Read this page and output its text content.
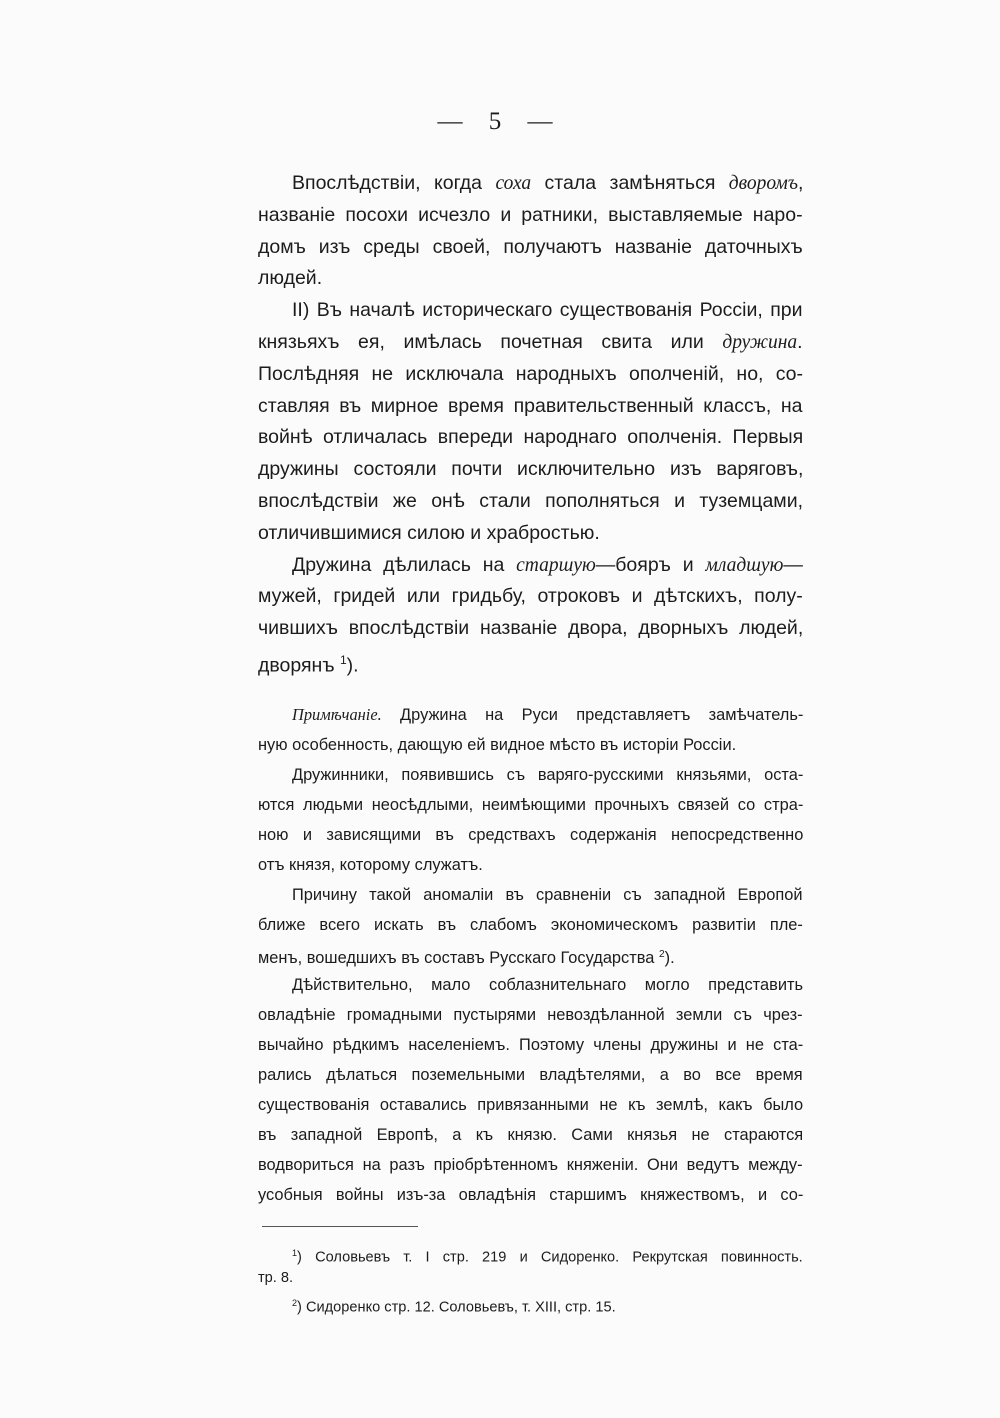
— 5 —
Впослѣдствіи, когда соха стала замѣняться дворомъ,
названіе посохи исчезло и ратники, выставляемые наро-
домъ изъ среды своей, получаютъ названіе даточныхъ
людей.
II) Въ началѣ историческаго существованія Россіи, при
князьяхъ ея, имѣлась почетная свита или дружина.
Послѣдняя не исключала народныхъ ополченій, но, со-
ставляя въ мирное время правительственный классъ, на
войнѣ отличалась впереди народнаго ополченія. Первыя
дружины состояли почти исключительно изъ варяговъ,
впослѣдствіи же онѣ стали пополняться и туземцами,
отличившимися силою и храбростью.
Дружина дѣлилась на старшую—бояръ и младшую—
мужей, гридей или гридьбу, отроковъ и дѣтскихъ, полу-
чившихъ впослѣдствіи названіе двора, дворныхъ людей,
дворянъ $^1$).
Примѣчаніе. Дружина на Руси представляетъ замѣчатель-
ную особенность, дающую ей видное мѣсто въ исторіи Россіи.
Дружинники, появившись съ варяго-русскими князьями, оста-
ются людьми неосѣдлыми, неимѣющими прочныхъ связей со стра-
ною и зависящими въ средствахъ содержанія непосредственно
отъ князя, которому служатъ.
Причину такой аномаліи въ сравненіи съ западной Европой
ближе всего искать въ слабомъ экономическомъ развитіи пле-
менъ, вошедшихъ въ составъ Русскаго Государства $^2$).
Дѣйствительно, мало соблазнительнаго могло представить
овладѣніе громадными пустырями невоздѣланной земли съ чрез-
вычайно рѣдкимъ населеніемъ. Поэтому члены дружины и не ста-
рались дѣлаться поземельными владѣтелями, а во все время
существованія оставались привязанными не къ землѣ, какъ было
въ западной Европѣ, а къ князю. Сами князья не стараются
водвориться на разъ пріобрѣтенномъ княженіи. Они ведутъ между-
усобныя войны изъ-за овладѣнія старшимъ княжествомъ, и со-
$^1$) Соловьевъ т. I стр. 219 и Сидоренко. Рекрутская повинность.
тр. 8.
$^2$) Сидоренко стр. 12. Соловьевъ, т. XIII, стр. 15.
